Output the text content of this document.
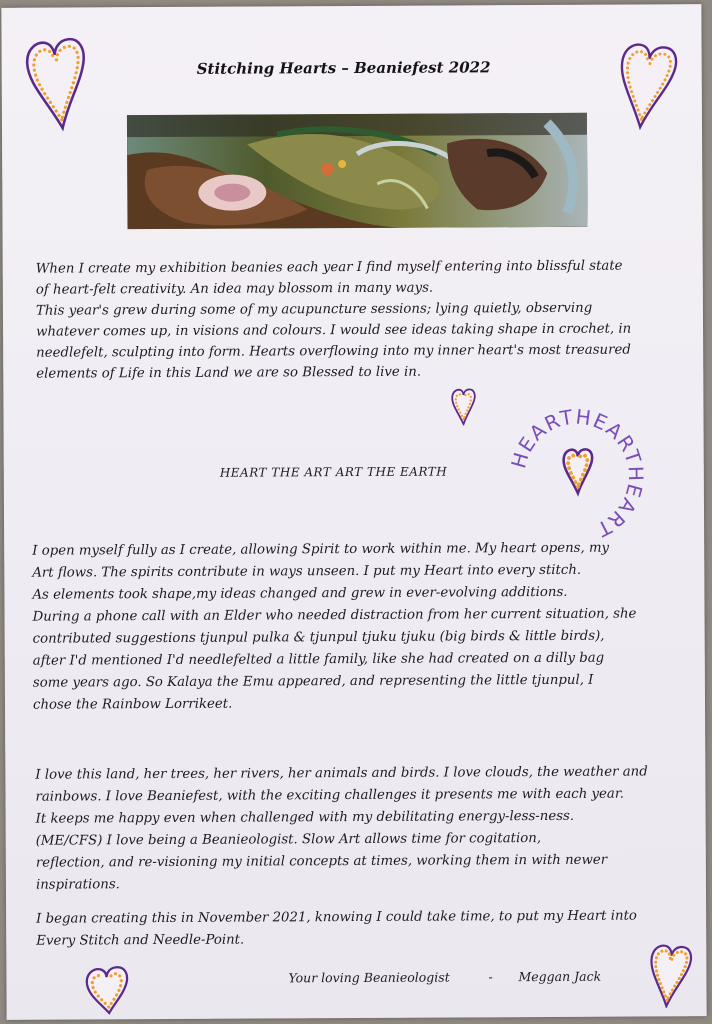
Stitching Hearts – Beaniefest 2022
When I create my exhibition beanies each year I find myself entering into blissful state
of heart-felt creativity. An idea may blossom in many ways.
This year's grew during some of my acupuncture sessions; lying quietly, observing
whatever comes up, in visions and colours. I would see ideas taking shape in crochet, in
needlefelt, sculpting into form. Hearts overflowing into my inner heart's most treasured
elements of Life in this Land we are so Blessed to live in.
HEART THE ART ART THE EARTH
HEARTHEARTHEART
I open myself fully as I create, allowing Spirit to work within me. My heart opens, my
Art flows. The spirits contribute in ways unseen. I put my Heart into every stitch.
As elements took shape,my ideas changed and grew in ever-evolving additions.
During a phone call with an Elder who needed distraction from her current situation, she
contributed suggestions tjunpul pulka & tjunpul tjuku tjuku (big birds & little birds),
after I'd mentioned I'd needlefelted a little family, like she had created on a dilly bag
some years ago. So Kalaya the Emu appeared, and representing the little tjunpul, I
chose the Rainbow Lorrikeet.
I love this land, her trees, her rivers, her animals and birds. I love clouds, the weather and
rainbows. I love Beaniefest, with the exciting challenges it presents me with each year.
It keeps me happy even when challenged with my debilitating energy-less-ness.
(ME/CFS) I love being a Beanieologist. Slow Art allows time for cogitation,
reflection, and re-visioning my initial concepts at times, working them in with newer
inspirations.
I began creating this in November 2021, knowing I could take time, to put my Heart into
Every Stitch and Needle-Point.
Your loving Beanieologist	- Meggan Jack
